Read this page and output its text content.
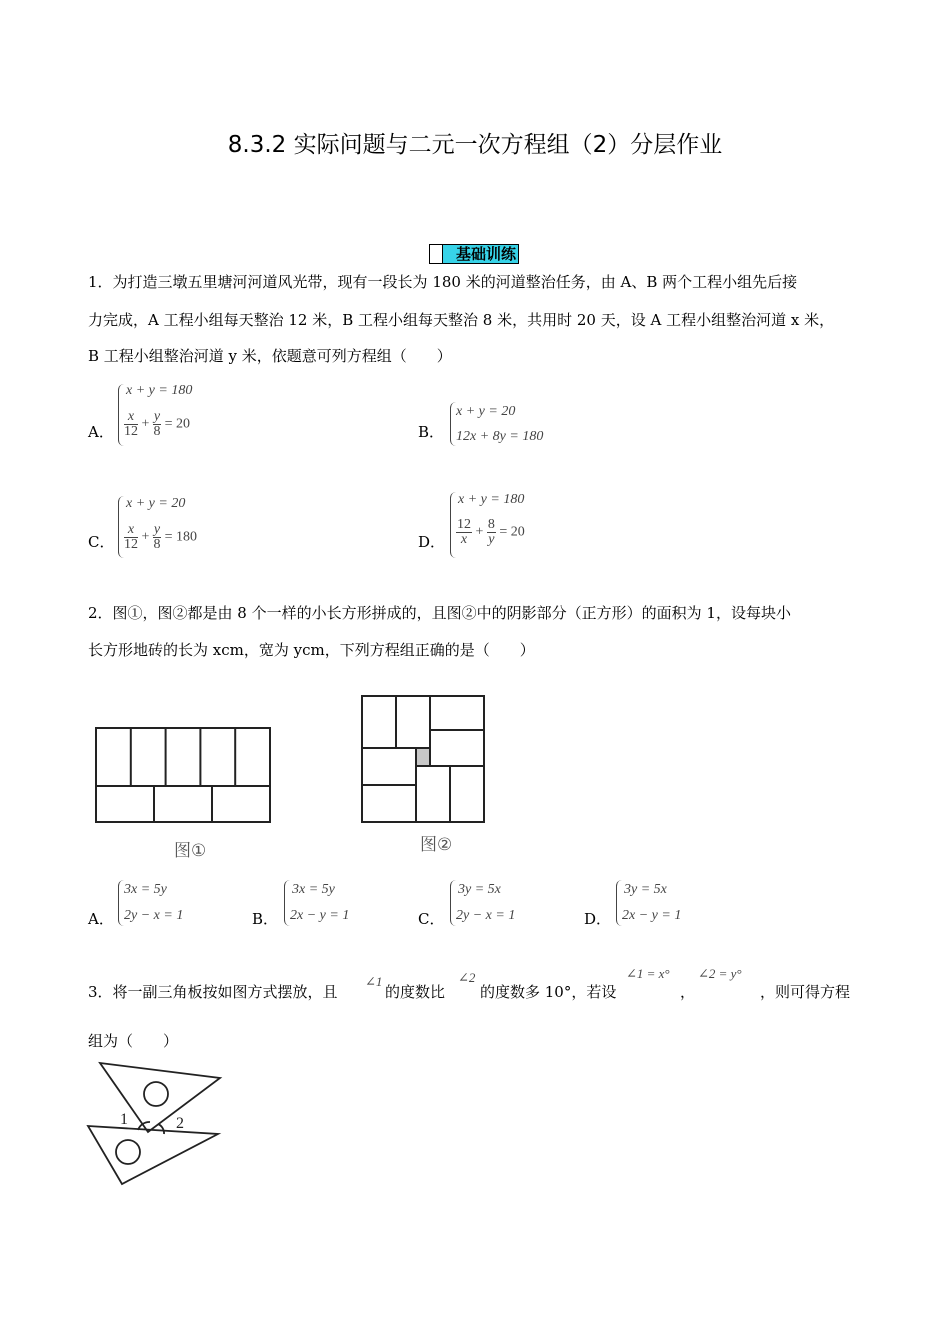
8.3.2 实际问题与二元一次方程组（2）分层作业
基础训练
1．为打造三墩五里塘河河道风光带，现有一段长为 180 米的河道整治任务，由 A、B 两个工程小组先后接
力完成，A 工程小组每天整治 12 米，B 工程小组每天整治 8 米，共用时 20 天，设 A 工程小组整治河道 x 米，
B 工程小组整治河道 y 米，依题意可列方程组（　　）
A．
x + y = 180
$\frac{x}{12} + \frac{y}{8} = 20$	B．
x + y = 20
12x + 8y = 180
C．
x + y = 20
$\frac{x}{12} + \frac{y}{8} = 180$	D．
x + y = 180
$\frac{12}{x} + \frac{8}{y} = 20$
2．图①，图②都是由 8 个一样的小长方形拼成的，且图②中的阴影部分（正方形）的面积为 1，设每块小
长方形地砖的长为 xcm，宽为 ycm，下列方程组正确的是（　　）
图①	图②
A．
3x = 5y
2y − x = 1	B．
3x = 5y
2x − y = 1	C．
3y = 5x
2y − x = 1	D．
3y = 5x
2x − y = 1
3．将一副三角板按如图方式摆放，且
∠1
的度数比
∠2
的度数多 10°，若设
∠1 = x°
，
∠2 = y°
，则可得方程
组为（　　）
1	2
